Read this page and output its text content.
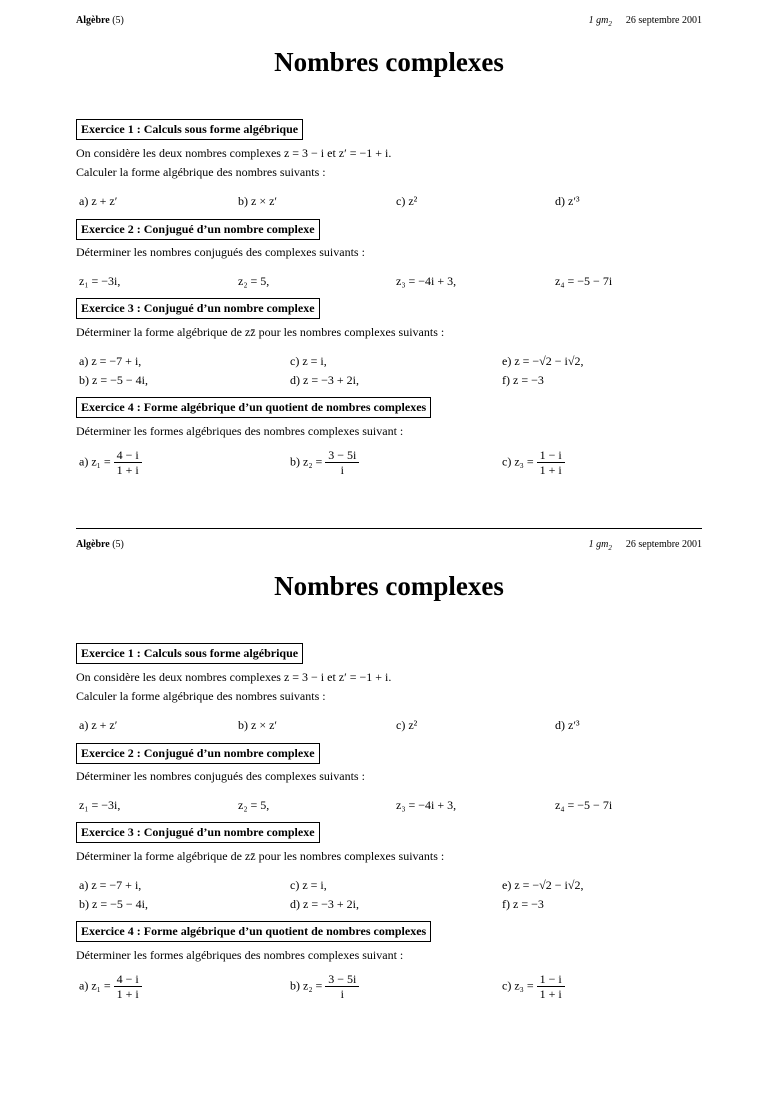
Algèbre (5)	1 $gm_2$ 26 septembre 2001
Nombres complexes
Exercice 1 : Calculs sous forme algébrique
On considère les deux nombres complexes z = 3 − i et z′ = −1 + i.
Calculer la forme algébrique des nombres suivants :
a) z + z′	b) z × z′	c) z²	d) z′³
Exercice 2 : Conjugué d’un nombre complexe
Déterminer les nombres conjugués des complexes suivants :
z₁ = −3i,	z₂ = 5,	z₃ = −4i + 3,	z₄ = −5 − 7i
Exercice 3 : Conjugué d’un nombre complexe
Déterminer la forme algébrique de zz̄ pour les nombres complexes suivants :
a) z = −7 + i,	c) z = i,	e) z = −√2 − i√2,
b) z = −5 − 4i,	d) z = −3 + 2i,	f) z = −3
Exercice 4 : Forme algébrique d’un quotient de nombres complexes
Déterminer les formes algébriques des nombres complexes suivant :
a) $z_1 = \frac{4 - i}{1 + i}$	b) $z_2 = \frac{3 - 5i}{i}$	c) $z_3 = \frac{1 - i}{1 + i}$
Algèbre (5)	1 $gm_2$ 26 septembre 2001
Nombres complexes
Exercice 1 : Calculs sous forme algébrique
On considère les deux nombres complexes z = 3 − i et z′ = −1 + i.
Calculer la forme algébrique des nombres suivants :
a) z + z′	b) z × z′	c) z²	d) z′³
Exercice 2 : Conjugué d’un nombre complexe
Déterminer les nombres conjugués des complexes suivants :
z₁ = −3i,	z₂ = 5,	z₃ = −4i + 3,	z₄ = −5 − 7i
Exercice 3 : Conjugué d’un nombre complexe
Déterminer la forme algébrique de zz̄ pour les nombres complexes suivants :
a) z = −7 + i,	c) z = i,	e) z = −√2 − i√2,
b) z = −5 − 4i,	d) z = −3 + 2i,	f) z = −3
Exercice 4 : Forme algébrique d’un quotient de nombres complexes
Déterminer les formes algébriques des nombres complexes suivant :
a) $z_1 = \frac{4 - i}{1 + i}$	b) $z_2 = \frac{3 - 5i}{i}$	c) $z_3 = \frac{1 - i}{1 + i}$
